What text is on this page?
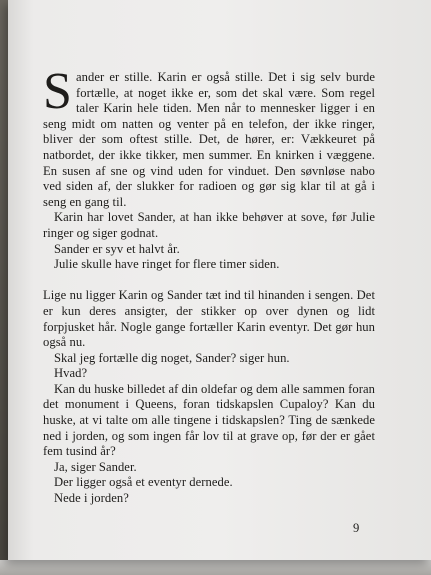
S ander er stille. Karin er også stille. Det i sig selv burde fortælle, at noget ikke er, som det skal være. Som regel taler Karin hele tiden. Men når to mennesker ligger i en seng midt om natten og venter på en telefon, der ikke ringer, bliver der som oftest stille. Det, de hører, er: Vækkeuret på natbordet, der ikke tikker, men summer. En knirken i væggene. En susen af sne og vind uden for vinduet. Den søvnløse nabo ved siden af, der slukker for radioen og gør sig klar til at gå i seng en gang til.

Karin har lovet Sander, at han ikke behøver at sove, før Julie ringer og siger godnat.

Sander er syv et halvt år.

Julie skulle have ringet for flere timer siden.

Lige nu ligger Karin og Sander tæt ind til hinanden i sengen. Det er kun deres ansigter, der stikker op over dynen og lidt forpjusket hår. Nogle gange fortæller Karin eventyr. Det gør hun også nu.

Skal jeg fortælle dig noget, Sander? siger hun.

Hvad?

Kan du huske billedet af din oldefar og dem alle sammen foran det monument i Queens, foran tidskapslen Cupaloy? Kan du huske, at vi talte om alle tingene i tidskapslen? Ting de sænkede ned i jorden, og som ingen får lov til at grave op, før der er gået fem tusind år?

Ja, siger Sander.

Der ligger også et eventyr dernede.

Nede i jorden?

9
